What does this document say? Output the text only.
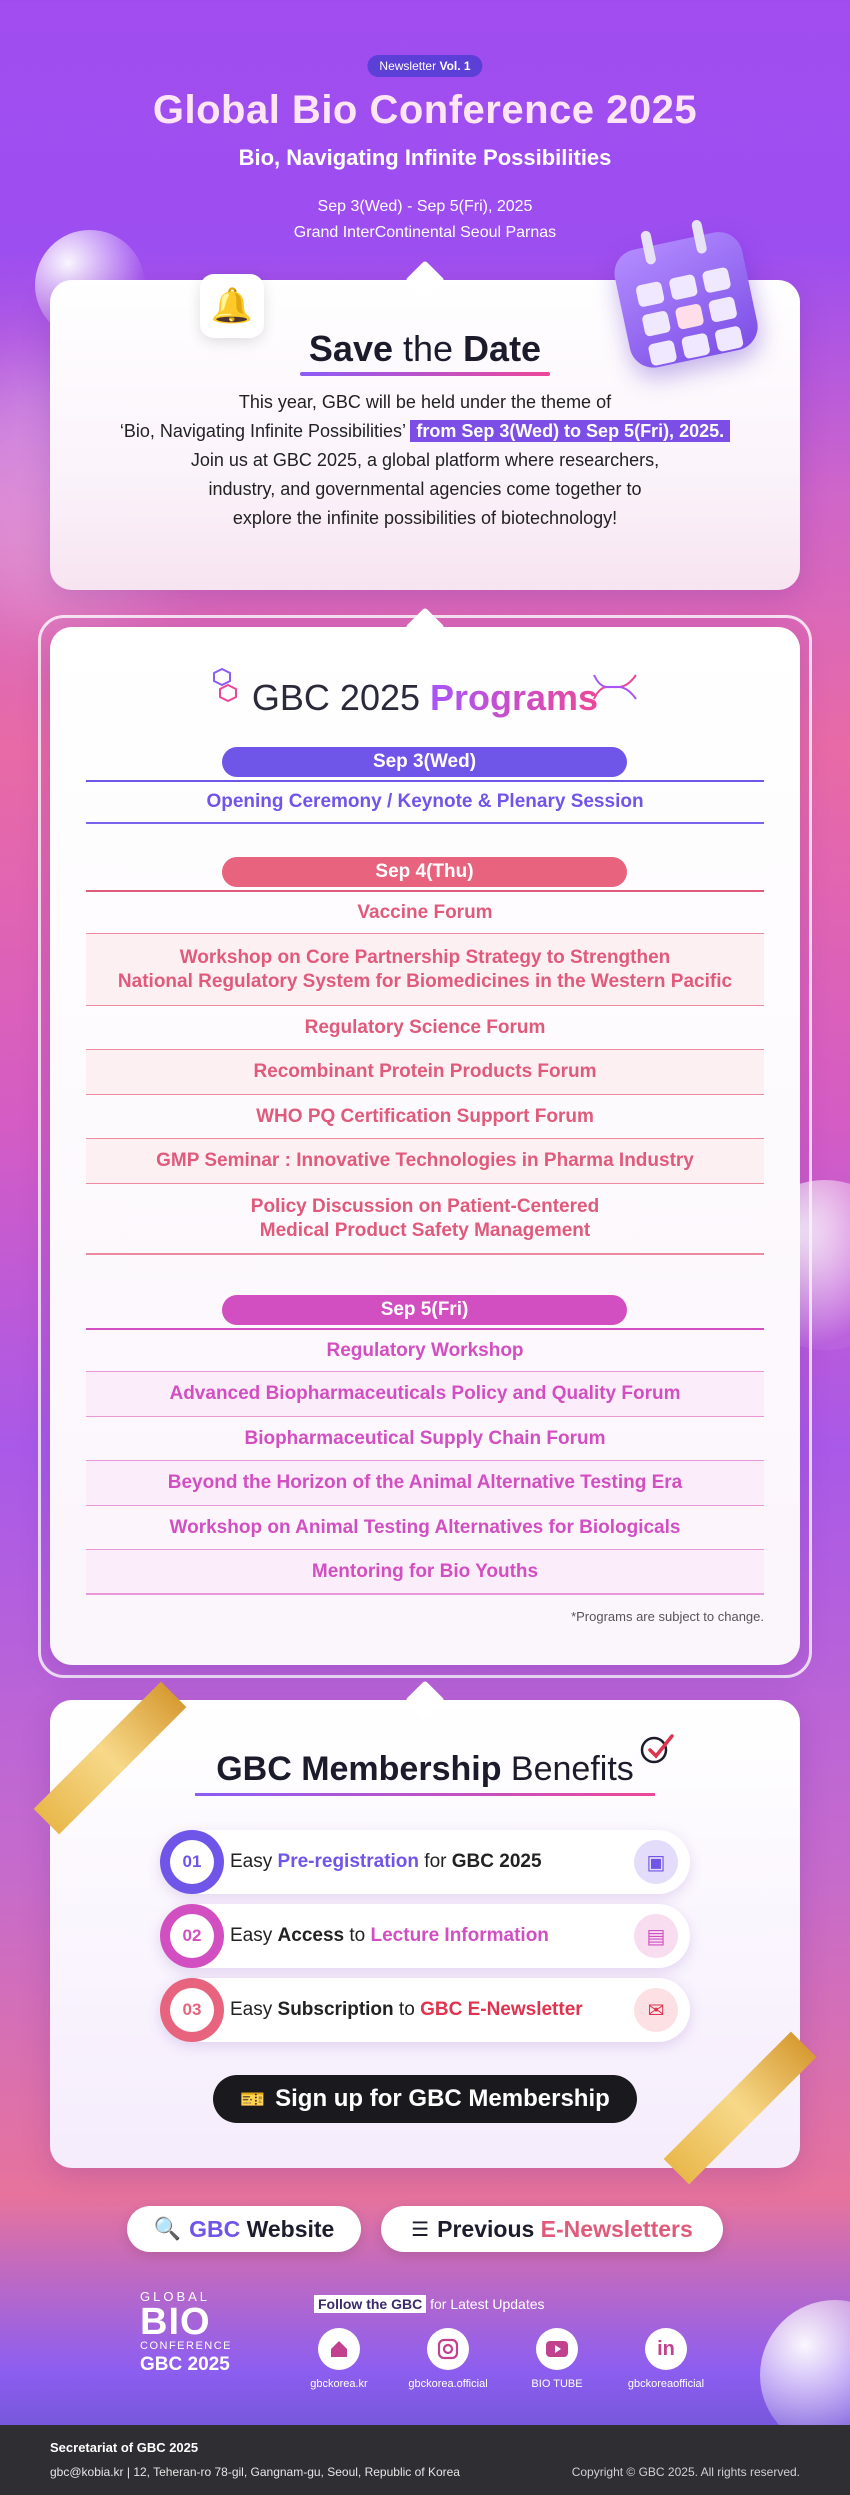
Newsletter Vol. 1
Global Bio Conference 2025
Bio, Navigating Infinite Possibilities
Sep 3(Wed) - Sep 5(Fri), 2025
Grand InterContinental Seoul Parnas
🔔
Save the Date
This year, GBC will be held under the theme of
‘Bio, Navigating Infinite Possibilities’ from Sep 3(Wed) to Sep 5(Fri), 2025.
Join us at GBC 2025, a global platform where researchers,
industry, and governmental agencies come together to
explore the infinite possibilities of biotechnology!
GBC 2025 Programs
Sep 3(Wed)
Opening Ceremony / Keynote & Plenary Session
Sep 4(Thu)
Vaccine Forum
Workshop on Core Partnership Strategy to Strengthen
National Regulatory System for Biomedicines in the Western Pacific
Regulatory Science Forum
Recombinant Protein Products Forum
WHO PQ Certification Support Forum
GMP Seminar : Innovative Technologies in Pharma Industry
Policy Discussion on Patient-Centered
Medical Product Safety Management
Sep 5(Fri)
Regulatory Workshop
Advanced Biopharmaceuticals Policy and Quality Forum
Biopharmaceutical Supply Chain Forum
Beyond the Horizon of the Animal Alternative Testing Era
Workshop on Animal Testing Alternatives for Biologicals
Mentoring for Bio Youths
*Programs are subject to change.
GBC Membership Benefits
01	Easy Pre-registration for GBC 2025	▣
02	Easy Access to Lecture Information	▤
03	Easy Subscription to GBC E-Newsletter	✉
🎫 Sign up for GBC Membership
🔍 GBC Website	☰ Previous E-Newsletters
GLOBAL
BIO
CONFERENCE
GBC 2025
Follow the GBC for Latest Updates
gbckorea.kr	gbckorea.official	BIO TUBE
in
gbckoreaofficial
Secretariat of GBC 2025
gbc@kobia.kr | 12, Teheran-ro 78-gil, Gangnam-gu, Seoul, Republic of Korea	Copyright © GBC 2025. All rights reserved.
